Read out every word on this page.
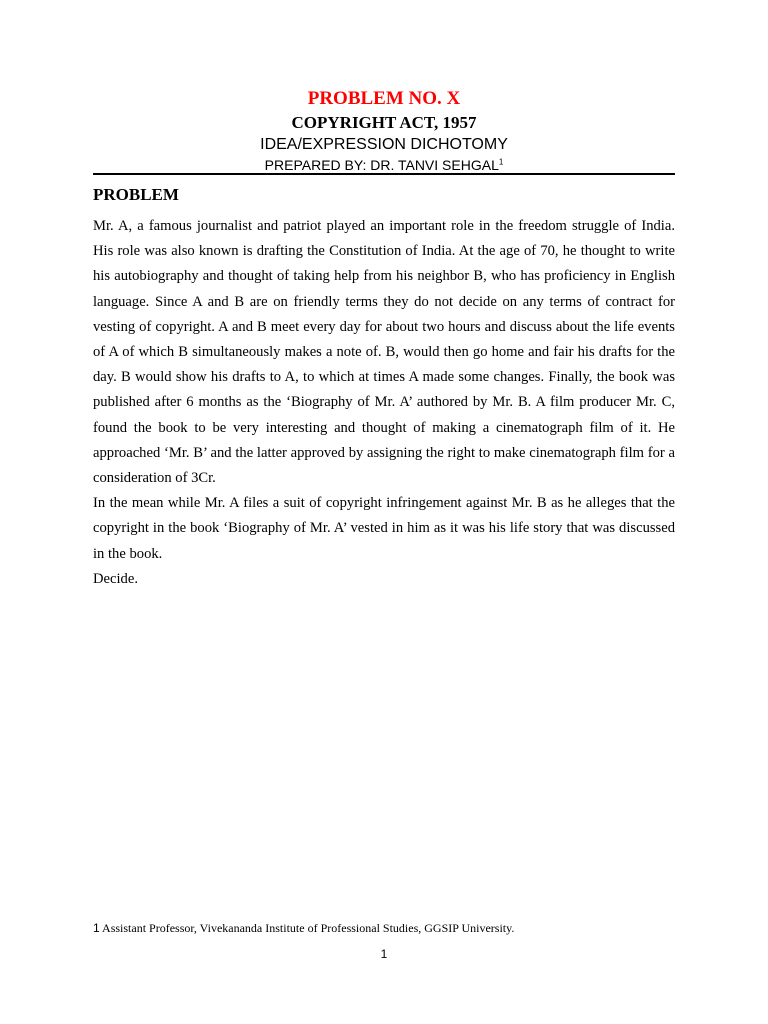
PROBLEM NO. X

COPYRIGHT ACT, 1957

IDEA/EXPRESSION DICHOTOMY

PREPARED BY: DR. TANVI SEHGAL$^1$

PROBLEM

Mr. A, a famous journalist and patriot played an important role in the freedom struggle of India. His role was also known is drafting the Constitution of India. At the age of 70, he thought to write his autobiography and thought of taking help from his neighbor B, who has proficiency in English language. Since A and B are on friendly terms they do not decide on any terms of contract for vesting of copyright. A and B meet every day for about two hours and discuss about the life events of A of which B simultaneously makes a note of. B, would then go home and fair his drafts for the day. B would show his drafts to A, to which at times A made some changes. Finally, the book was published after 6 months as the ‘Biography of Mr. A’ authored by Mr. B. A film producer Mr. C, found the book to be very interesting and thought of making a cinematograph film of it. He approached ‘Mr. B’ and the latter approved by assigning the right to make cinematograph film for a consideration of 3Cr.

In the mean while Mr. A files a suit of copyright infringement against Mr. B as he alleges that the copyright in the book ‘Biography of Mr. A’ vested in him as it was his life story that was discussed in the book.

Decide.

1 Assistant Professor, Vivekananda Institute of Professional Studies, GGSIP University.
1
